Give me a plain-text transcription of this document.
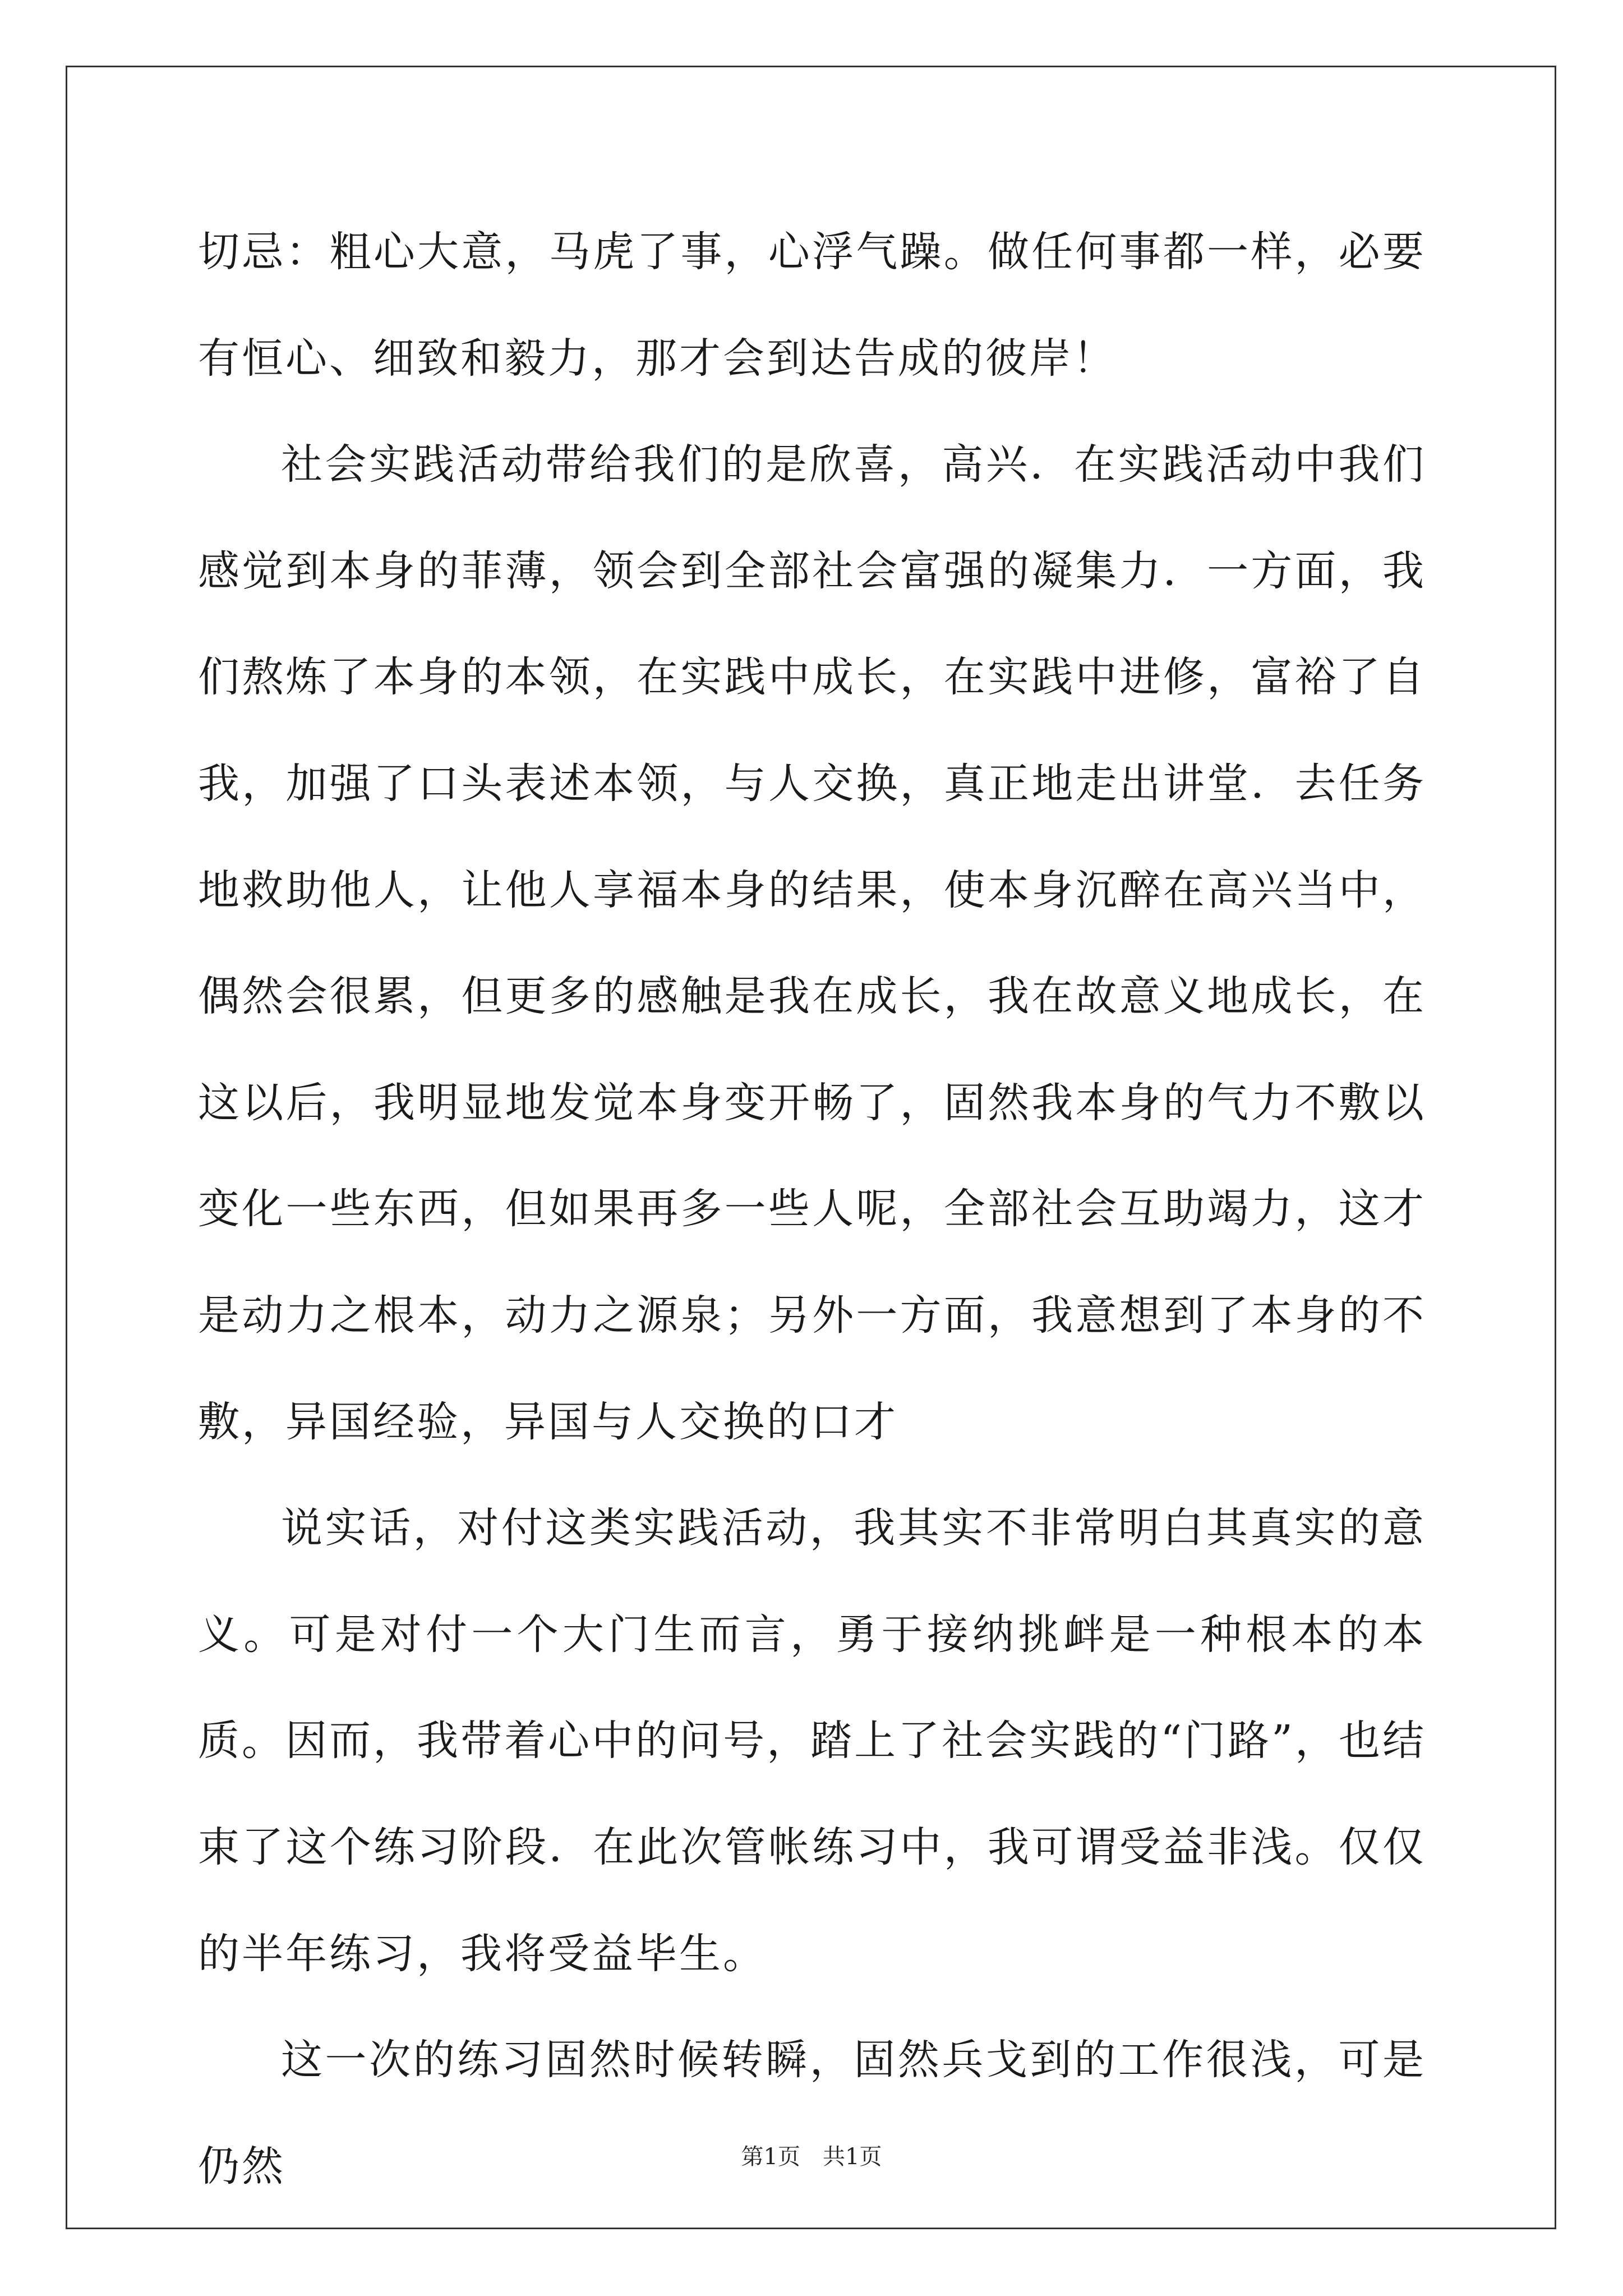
切忌：粗心大意，马虎了事，心浮气躁。做任何事都一样，必要有恒心、细致和毅力，那才会到达告成的彼岸！

社会实践活动带给我们的是欣喜，高兴．在实践活动中我们感觉到本身的菲薄，领会到全部社会富强的凝集力．一方面，我们熬炼了本身的本领，在实践中成长，在实践中进修，富裕了自我，加强了口头表述本领，与人交换，真正地走出讲堂．去任务地救助他人，让他人享福本身的结果，使本身沉醉在高兴当中，偶然会很累，但更多的感触是我在成长，我在故意义地成长，在这以后，我明显地发觉本身变开畅了，固然我本身的气力不敷以变化一些东西，但如果再多一些人呢，全部社会互助竭力，这才是动力之根本，动力之源泉；另外一方面，我意想到了本身的不敷，异国经验，异国与人交换的口才

说实话，对付这类实践活动，我其实不非常明白其真实的意义。可是对付一个大门生而言，勇于接纳挑衅是一种根本的本质。因而，我带着心中的问号，踏上了社会实践的“门路”，也结束了这个练习阶段．在此次管帐练习中，我可谓受益非浅。仅仅的半年练习，我将受益毕生。

这一次的练习固然时候转瞬，固然兵戈到的工作很浅，可是仍然	第1页 共1页
